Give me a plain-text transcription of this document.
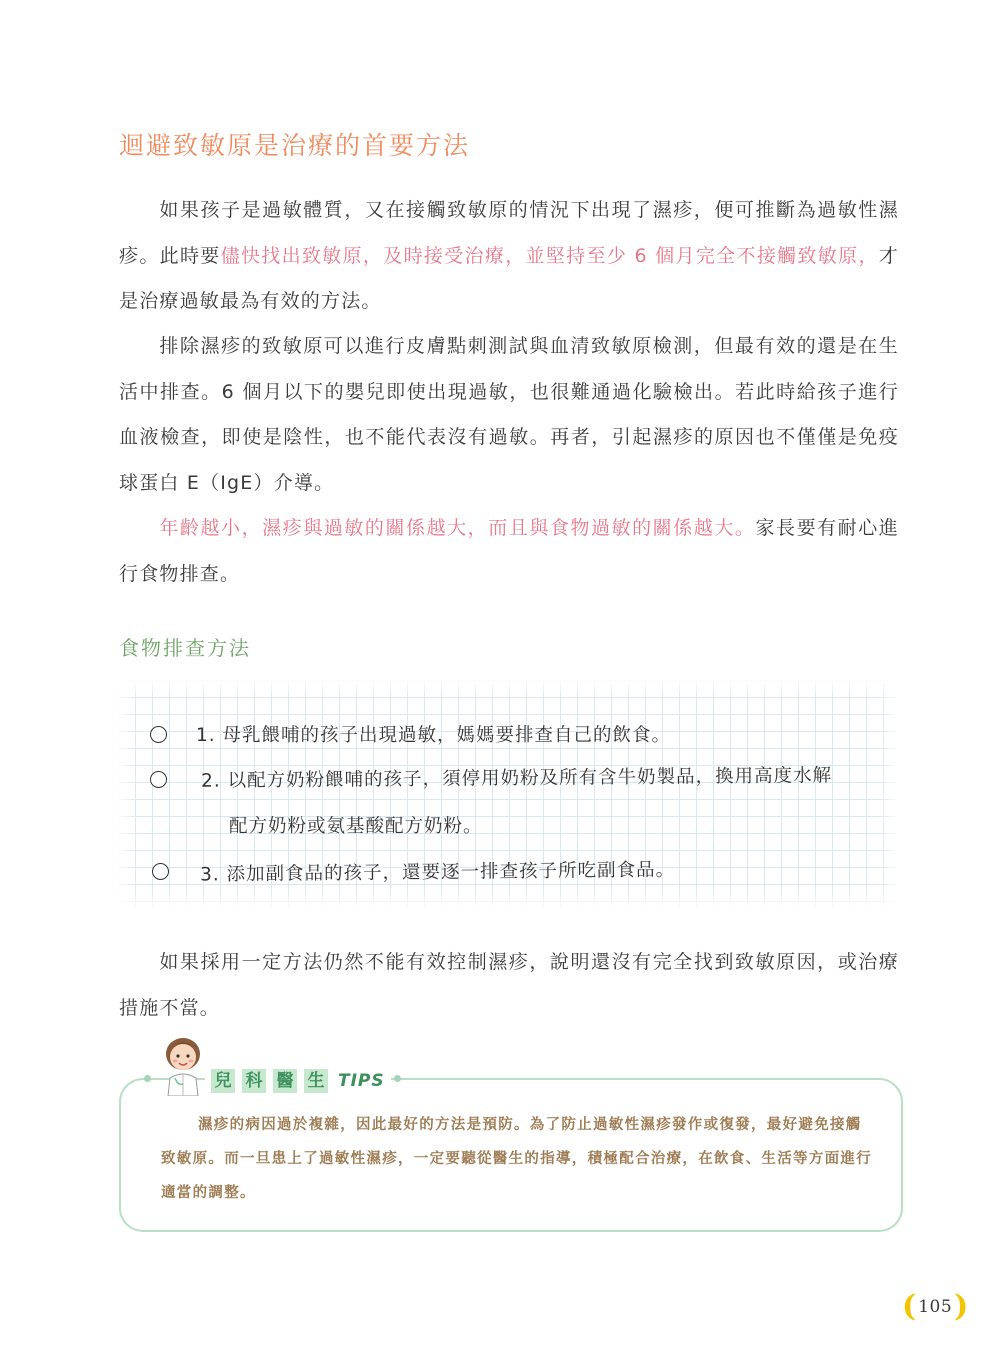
迴避致敏原是治療的首要方法

如果孩子是過敏體質，又在接觸致敏原的情況下出現了濕疹，便可推斷為過敏性濕疹。此時要儘快找出致敏原，及時接受治療，並堅持至少 6 個月完全不接觸致敏原，才是治療過敏最為有效的方法。

排除濕疹的致敏原可以進行皮膚點刺測試與血清致敏原檢測，但最有效的還是在生活中排查。6 個月以下的嬰兒即使出現過敏，也很難通過化驗檢出。若此時給孩子進行血液檢查，即使是陰性，也不能代表沒有過敏。再者，引起濕疹的原因也不僅僅是免疫球蛋白 E（IgE）介導。

年齡越小，濕疹與過敏的關係越大，而且與食物過敏的關係越大。家長要有耐心進行食物排查。

食物排查方法
1. 母乳餵哺的孩子出現過敏，媽媽要排查自己的飲食。
2. 以配方奶粉餵哺的孩子，須停用奶粉及所有含牛奶製品，換用高度水解
配方奶粉或氨基酸配方奶粉。
3. 添加副食品的孩子，還要逐一排查孩子所吃副食品。

如果採用一定方法仍然不能有效控制濕疹，說明還沒有完全找到致敏原因，或治療措施不當。

兒 科 醫 生 TIPS

濕疹的病因過於複雜，因此最好的方法是預防。為了防止過敏性濕疹發作或復發，最好避免接觸致敏原。而一旦患上了過敏性濕疹，一定要聽從醫生的指導，積極配合治療，在飲食、生活等方面進行適當的調整。

( 105 )
